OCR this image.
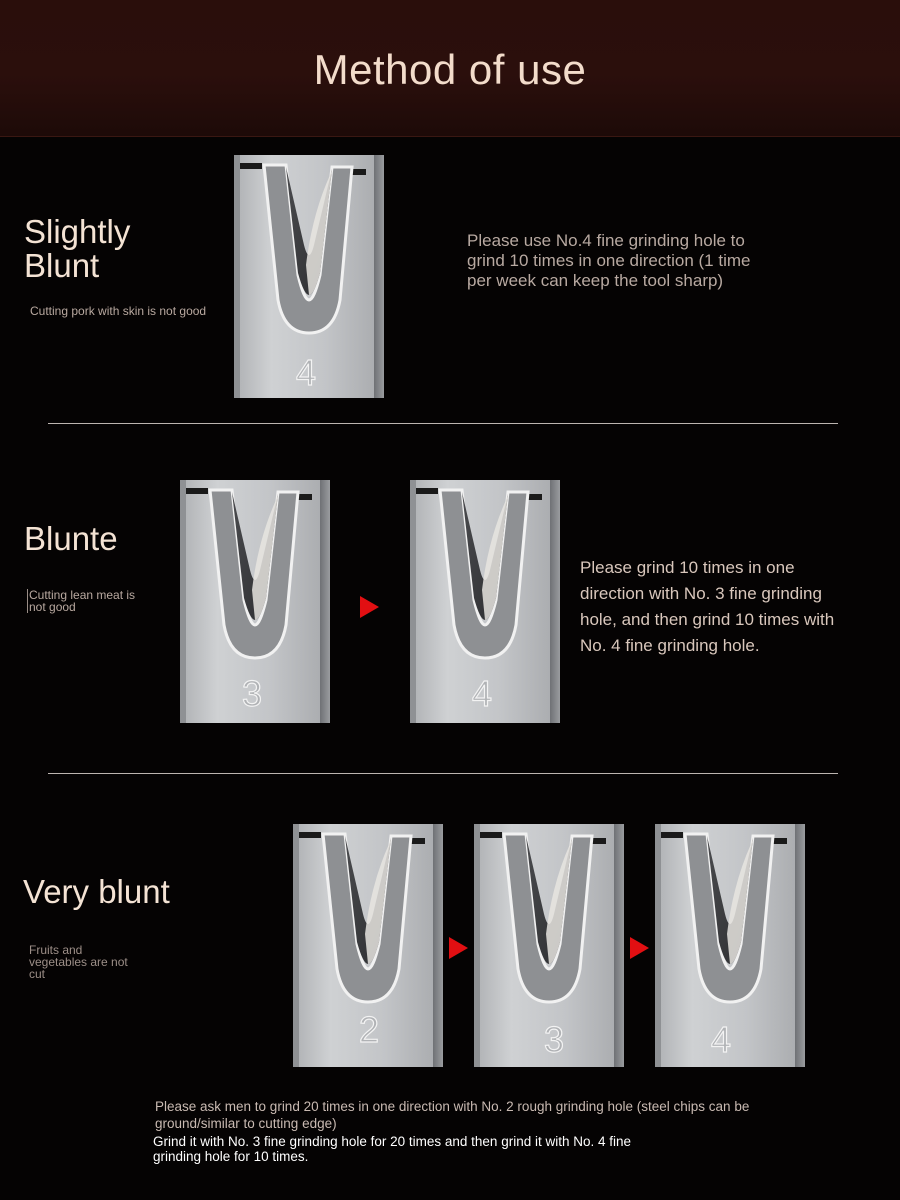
Method of use
Slightly
Blunt
Cutting pork with skin is not good
4
Please use No.4 fine grinding hole to
grind 10 times in one direction (1 time
per week can keep the tool sharp)
Blunte
Cutting lean meat is
not good
3	4
Please grind 10 times in one
direction with No. 3 fine grinding
hole, and then grind 10 times with
No. 4 fine grinding hole.
Very blunt
Fruits and
vegetables are not
cut
2	3	4
Please ask men to grind 20 times in one direction with No. 2 rough grinding hole (steel chips can be
ground/similar to cutting edge)
Grind it with No. 3 fine grinding hole for 20 times and then grind it with No. 4 fine
grinding hole for 10 times.
